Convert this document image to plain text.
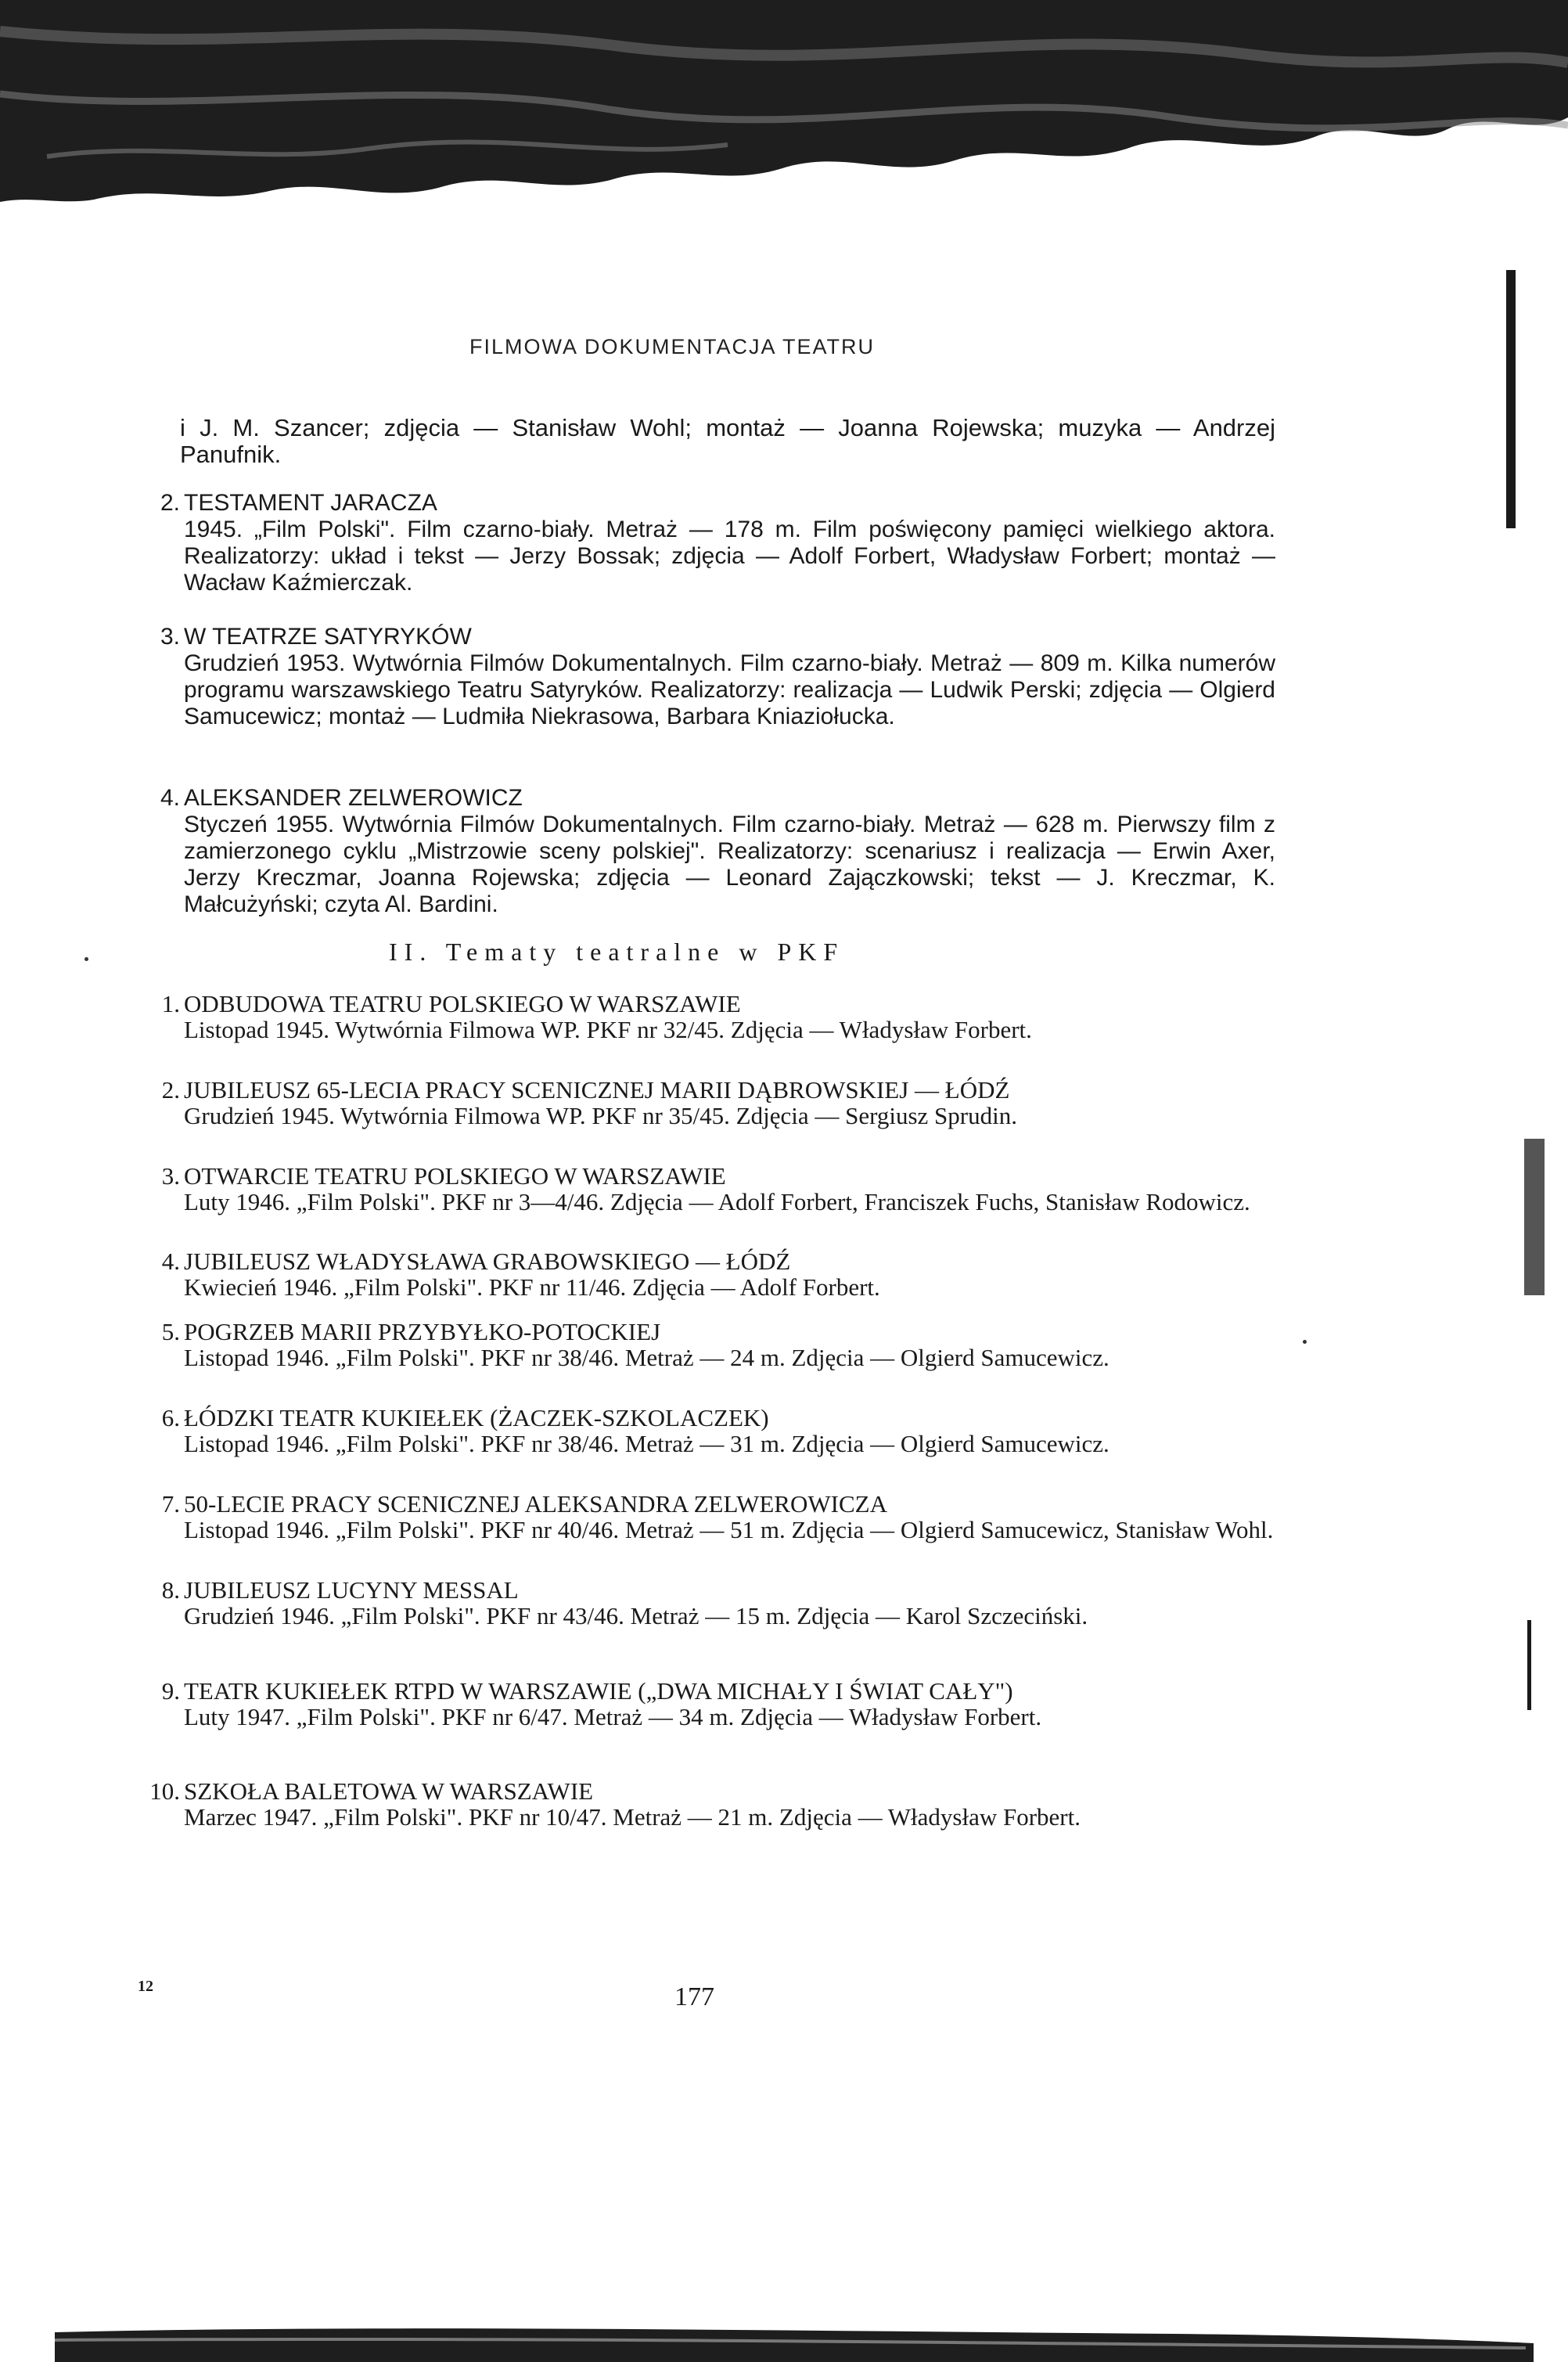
FILMOWA DOKUMENTACJA TEATRU
i J. M. Szancer; zdjęcia — Stanisław Wohl; montaż — Joanna Rojewska; muzyka — Andrzej Panufnik.
2. TESTAMENT JARACZA
1945. „Film Polski". Film czarno-biały. Metraż — 178 m. Film poświęcony pamięci wielkiego aktora. Realizatorzy: układ i tekst — Jerzy Bossak; zdjęcia — Adolf Forbert, Władysław Forbert; montaż — Wacław Kaźmierczak.
3. W TEATRZE SATYRYKÓW
Grudzień 1953. Wytwórnia Filmów Dokumentalnych. Film czarno-biały. Metraż — 809 m. Kilka numerów programu warszawskiego Teatru Satyryków. Realizatorzy: realizacja — Ludwik Perski; zdjęcia — Olgierd Samucewicz; montaż — Ludmiła Niekrasowa, Barbara Kniaziołucka.
4. ALEKSANDER ZELWEROWICZ
Styczeń 1955. Wytwórnia Filmów Dokumentalnych. Film czarno-biały. Metraż — 628 m. Pierwszy film z zamierzonego cyklu „Mistrzowie sceny polskiej". Realizatorzy: scenariusz i realizacja — Erwin Axer, Jerzy Kreczmar, Joanna Rojewska; zdjęcia — Leonard Zajączkowski; tekst — J. Kreczmar, K. Małcużyński; czyta Al. Bardini.
II. Tematy teatralne w PKF
1. ODBUDOWA TEATRU POLSKIEGO W WARSZAWIE
Listopad 1945. Wytwórnia Filmowa WP. PKF nr 32/45. Zdjęcia — Władysław Forbert.
2. JUBILEUSZ 65-LECIA PRACY SCENICZNEJ MARII DĄBROWSKIEJ — ŁÓDŹ
Grudzień 1945. Wytwórnia Filmowa WP. PKF nr 35/45. Zdjęcia — Sergiusz Sprudin.
3. OTWARCIE TEATRU POLSKIEGO W WARSZAWIE
Luty 1946. „Film Polski". PKF nr 3—4/46. Zdjęcia — Adolf Forbert, Franciszek Fuchs, Stanisław Rodowicz.
4. JUBILEUSZ WŁADYSŁAWA GRABOWSKIEGO — ŁÓDŹ
Kwiecień 1946. „Film Polski". PKF nr 11/46. Zdjęcia — Adolf Forbert.
5. POGRZEB MARII PRZYBYŁKO-POTOCKIEJ
Listopad 1946. „Film Polski". PKF nr 38/46. Metraż — 24 m. Zdjęcia — Olgierd Samucewicz.
6. ŁÓDZKI TEATR KUKIEŁEK (ŻACZEK-SZKOLACZEK)
Listopad 1946. „Film Polski". PKF nr 38/46. Metraż — 31 m. Zdjęcia — Olgierd Samucewicz.
7. 50-LECIE PRACY SCENICZNEJ ALEKSANDRA ZELWEROWICZA
Listopad 1946. „Film Polski". PKF nr 40/46. Metraż — 51 m. Zdjęcia — Olgierd Samucewicz, Stanisław Wohl.
8. JUBILEUSZ LUCYNY MESSAL
Grudzień 1946. „Film Polski". PKF nr 43/46. Metraż — 15 m. Zdjęcia — Karol Szczeciński.
9. TEATR KUKIEŁEK RTPD W WARSZAWIE („DWA MICHAŁY I ŚWIAT CAŁY")
Luty 1947. „Film Polski". PKF nr 6/47. Metraż — 34 m. Zdjęcia — Władysław Forbert.
10. SZKOŁA BALETOWA W WARSZAWIE
Marzec 1947. „Film Polski". PKF nr 10/47. Metraż — 21 m. Zdjęcia — Władysław Forbert.
12	177
